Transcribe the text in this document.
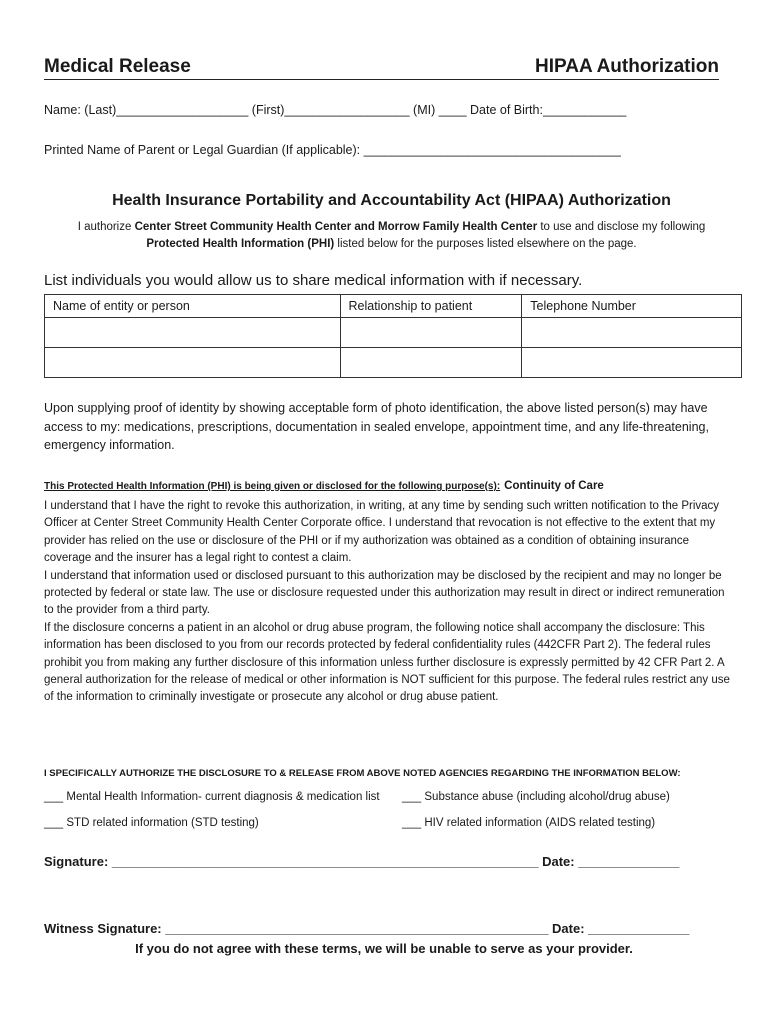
Medical Release	HIPAA Authorization
Name: (Last)___________________ (First)__________________ (MI) ____ Date of Birth:____________
Printed Name of Parent or Legal Guardian (If applicable): _____________________________________
Health Insurance Portability and Accountability Act (HIPAA) Authorization
I authorize Center Street Community Health Center and Morrow Family Health Center to use and disclose my following
Protected Health Information (PHI) listed below for the purposes listed elsewhere on the page.
List individuals you would allow us to share medical information with if necessary.
Name of entity or person	Relationship to patient	Telephone Number

Upon supplying proof of identity by showing acceptable form of photo identification, the above listed person(s) may have access to my: medications, prescriptions, documentation in sealed envelope, appointment time, and any life-threatening, emergency information.
This Protected Health Information (PHI) is being given or disclosed for the following purpose(s): Continuity of Care

I understand that I have the right to revoke this authorization, in writing, at any time by sending such written notification to the Privacy Officer at Center Street Community Health Center Corporate office. I understand that revocation is not effective to the extent that my provider has relied on the use or disclosure of the PHI or if my authorization was obtained as a condition of obtaining insurance coverage and the insurer has a legal right to contest a claim.

I understand that information used or disclosed pursuant to this authorization may be disclosed by the recipient and may no longer be protected by federal or state law. The use or disclosure requested under this authorization may result in direct or indirect remuneration to the provider from a third party.

If the disclosure concerns a patient in an alcohol or drug abuse program, the following notice shall accompany the disclosure: This information has been disclosed to you from our records protected by federal confidentiality rules (442CFR Part 2). The federal rules prohibit you from making any further disclosure of this information unless further disclosure is expressly permitted by 42 CFR Part 2. A general authorization for the release of medical or other information is NOT sufficient for this purpose. The federal rules restrict any use of the information to criminally investigate or prosecute any alcohol or drug abuse patient.

I SPECIFICALLY AUTHORIZE THE DISCLOSURE TO & RELEASE FROM ABOVE NOTED AGENCIES REGARDING THE INFORMATION BELOW:
___ Mental Health Information- current diagnosis & medication list ___ Substance abuse (including alcohol/drug abuse)
___ STD related information (STD testing)	___ HIV related information (AIDS related testing)
Signature: ___________________________________________________________ Date: ______________
Witness Signature: _____________________________________________________ Date: ______________
If you do not agree with these terms, we will be unable to serve as your provider.
